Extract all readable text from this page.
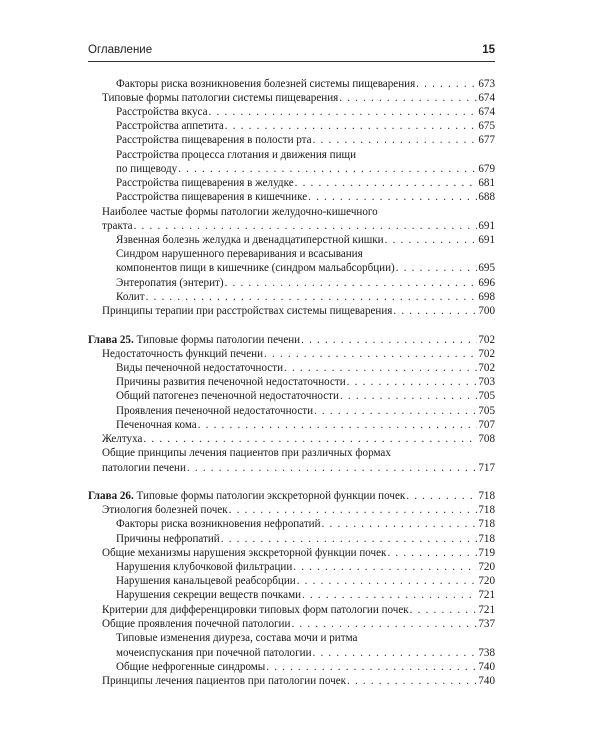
Оглавление	15
Факторы риска возникновения болезней системы пищеварения . . .	673
Типовые формы патологии системы пищеварения . . .	674
Расстройства вкуса . . .	674
Расстройства аппетита . . .	675
Расстройства пищеварения в полости рта . . .	677
Расстройства процесса глотания и движения пищи
по пищеводу . . .	679
Расстройства пищеварения в желудке . . .	681
Расстройства пищеварения в кишечнике . . .	688
Наиболее частые формы патологии желудочно-кишечного
тракта . . .	691
Язвенная болезнь желудка и двенадцатиперстной кишки . . .	691
Синдром нарушенного переваривания и всасывания
компонентов пищи в кишечнике (синдром мальабсорбции) . . .	695
Энтеропатия (энтерит) . . .	696
Колит . . .	698
Принципы терапии при расстройствах системы пищеварения . . .	700
Глава 25. Типовые формы патологии печени . . .	702
Недостаточность функций печени . . .	702
Виды печеночной недостаточности . . .	702
Причины развития печеночной недостаточности . . .	703
Общий патогенез печеночной недостаточности . . .	705
Проявления печеночной недостаточности . . .	705
Печеночная кома . . .	707
Желтуха . . .	708
Общие принципы лечения пациентов при различных формах
патологии печени . . .	717
Глава 26. Типовые формы патологии экскреторной функции почек . . .	718
Этиология болезней почек . . .	718
Факторы риска возникновения нефропатий . . .	718
Причины нефропатий . . .	718
Общие механизмы нарушения экскреторной функции почек . . .	719
Нарушения клубочковой фильтрации . . .	720
Нарушения канальцевой реабсорбции . . .	720
Нарушения секреции веществ почками . . .	721
Критерии для дифференцировки типовых форм патологии почек . . .	721
Общие проявления почечной патологии . . .	737
Типовые изменения диуреза, состава мочи и ритма
мочеиспускания при почечной патологии . . .	738
Общие нефрогенные синдромы . . .	740
Принципы лечения пациентов при патологии почек . . .	740
